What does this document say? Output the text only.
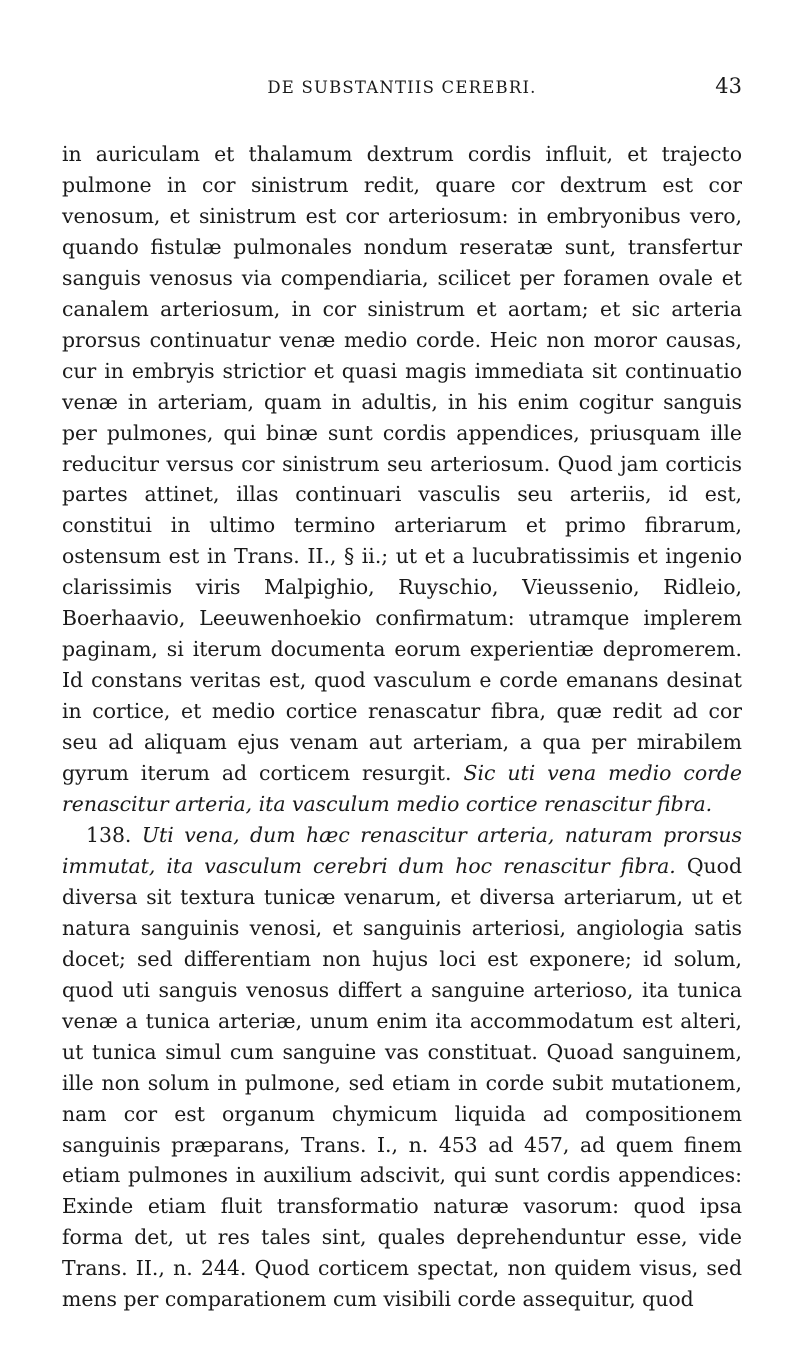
DE SUBSTANTIIS CEREBRI.	43

in auriculam et thalamum dextrum cordis influit, et trajecto pulmone in cor sinistrum redit, quare cor dextrum est cor venosum, et sinistrum est cor arteriosum: in embryonibus vero, quando fistulæ pulmonales nondum reseratæ sunt, transfertur sanguis venosus via compendiaria, scilicet per foramen ovale et canalem arteriosum, in cor sinistrum et aortam; et sic arteria prorsus continuatur venæ medio corde. Heic non moror causas, cur in embryis strictior et quasi magis immediata sit continuatio venæ in arteriam, quam in adultis, in his enim cogitur sanguis per pulmones, qui binæ sunt cordis appendices, priusquam ille reducitur versus cor sinistrum seu arteriosum. Quod jam corticis partes attinet, illas continuari vasculis seu arteriis, id est, constitui in ultimo termino arteriarum et primo fibrarum, ostensum est in Trans. II., § ii.; ut et a lucubratissimis et ingenio clarissimis viris Malpighio, Ruyschio, Vieussenio, Ridleio, Boerhaavio, Leeuwenhoekio confirmatum: utramque implerem paginam, si iterum documenta eorum experientiæ depromerem. Id constans veritas est, quod vasculum e corde emanans desinat in cortice, et medio cortice renascatur fibra, quæ redit ad cor seu ad aliquam ejus venam aut arteriam, a qua per mirabilem gyrum iterum ad corticem resurgit. Sic uti vena medio corde renascitur arteria, ita vasculum medio cortice renascitur fibra.

138. Uti vena, dum hæc renascitur arteria, naturam prorsus immutat, ita vasculum cerebri dum hoc renascitur fibra. Quod diversa sit textura tunicæ venarum, et diversa arteriarum, ut et natura sanguinis venosi, et sanguinis arteriosi, angiologia satis docet; sed differentiam non hujus loci est exponere; id solum, quod uti sanguis venosus differt a sanguine arterioso, ita tunica venæ a tunica arteriæ, unum enim ita accommodatum est alteri, ut tunica simul cum sanguine vas constituat. Quoad sanguinem, ille non solum in pulmone, sed etiam in corde subit mutationem, nam cor est organum chymicum liquida ad compositionem sanguinis præparans, Trans. I., n. 453 ad 457, ad quem finem etiam pulmones in auxilium adscivit, qui sunt cordis appendices: Exinde etiam fluit transformatio naturæ vasorum: quod ipsa forma det, ut res tales sint, quales deprehenduntur esse, vide Trans. II., n. 244. Quod corticem spectat, non quidem visus, sed mens per comparationem cum visibili corde assequitur, quod
